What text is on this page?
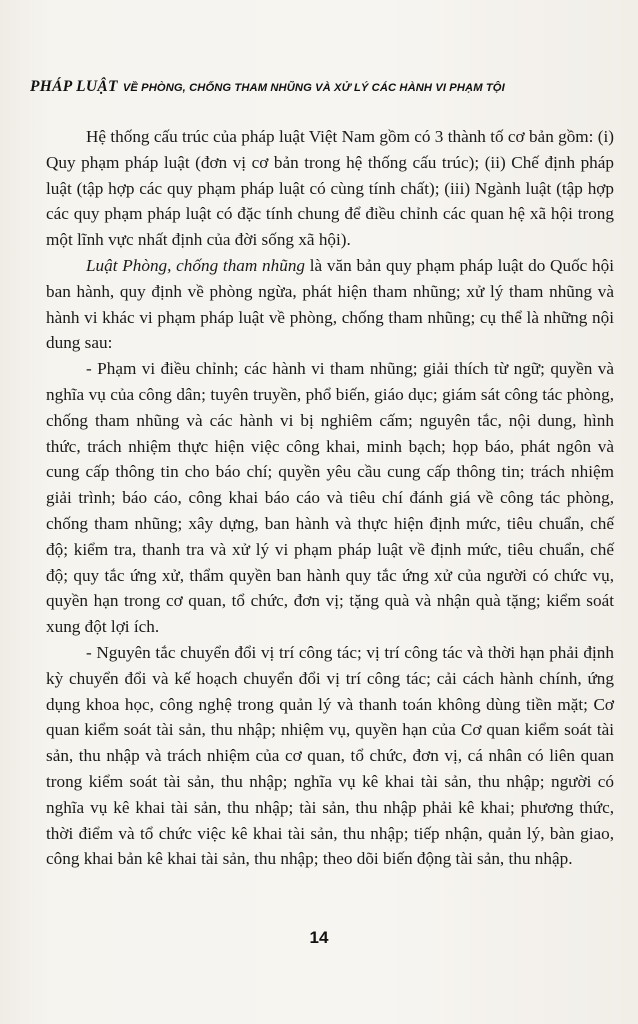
PHÁP LUẬT VỀ PHÒNG, CHỐNG THAM NHŨNG VÀ XỬ LÝ CÁC HÀNH VI PHẠM TỘI

Hệ thống cấu trúc của pháp luật Việt Nam gồm có 3 thành tố cơ bản gồm: (i) Quy phạm pháp luật (đơn vị cơ bản trong hệ thống cấu trúc); (ii) Chế định pháp luật (tập hợp các quy phạm pháp luật có cùng tính chất); (iii) Ngành luật (tập hợp các quy phạm pháp luật có đặc tính chung để điều chỉnh các quan hệ xã hội trong một lĩnh vực nhất định của đời sống xã hội).

Luật Phòng, chống tham nhũng là văn bản quy phạm pháp luật do Quốc hội ban hành, quy định về phòng ngừa, phát hiện tham nhũng; xử lý tham nhũng và hành vi khác vi phạm pháp luật về phòng, chống tham nhũng; cụ thể là những nội dung sau:

- Phạm vi điều chỉnh; các hành vi tham nhũng; giải thích từ ngữ; quyền và nghĩa vụ của công dân; tuyên truyền, phổ biến, giáo dục; giám sát công tác phòng, chống tham nhũng và các hành vi bị nghiêm cấm; nguyên tắc, nội dung, hình thức, trách nhiệm thực hiện việc công khai, minh bạch; họp báo, phát ngôn và cung cấp thông tin cho báo chí; quyền yêu cầu cung cấp thông tin; trách nhiệm giải trình; báo cáo, công khai báo cáo và tiêu chí đánh giá về công tác phòng, chống tham nhũng; xây dựng, ban hành và thực hiện định mức, tiêu chuẩn, chế độ; kiểm tra, thanh tra và xử lý vi phạm pháp luật về định mức, tiêu chuẩn, chế độ; quy tắc ứng xử, thẩm quyền ban hành quy tắc ứng xử của người có chức vụ, quyền hạn trong cơ quan, tổ chức, đơn vị; tặng quà và nhận quà tặng; kiểm soát xung đột lợi ích.

- Nguyên tắc chuyển đổi vị trí công tác; vị trí công tác và thời hạn phải định kỳ chuyển đổi và kế hoạch chuyển đổi vị trí công tác; cải cách hành chính, ứng dụng khoa học, công nghệ trong quản lý và thanh toán không dùng tiền mặt; Cơ quan kiểm soát tài sản, thu nhập; nhiệm vụ, quyền hạn của Cơ quan kiểm soát tài sản, thu nhập và trách nhiệm của cơ quan, tổ chức, đơn vị, cá nhân có liên quan trong kiểm soát tài sản, thu nhập; nghĩa vụ kê khai tài sản, thu nhập; người có nghĩa vụ kê khai tài sản, thu nhập; tài sản, thu nhập phải kê khai; phương thức, thời điểm và tổ chức việc kê khai tài sản, thu nhập; tiếp nhận, quản lý, bàn giao, công khai bản kê khai tài sản, thu nhập; theo dõi biến động tài sản, thu nhập.

14
